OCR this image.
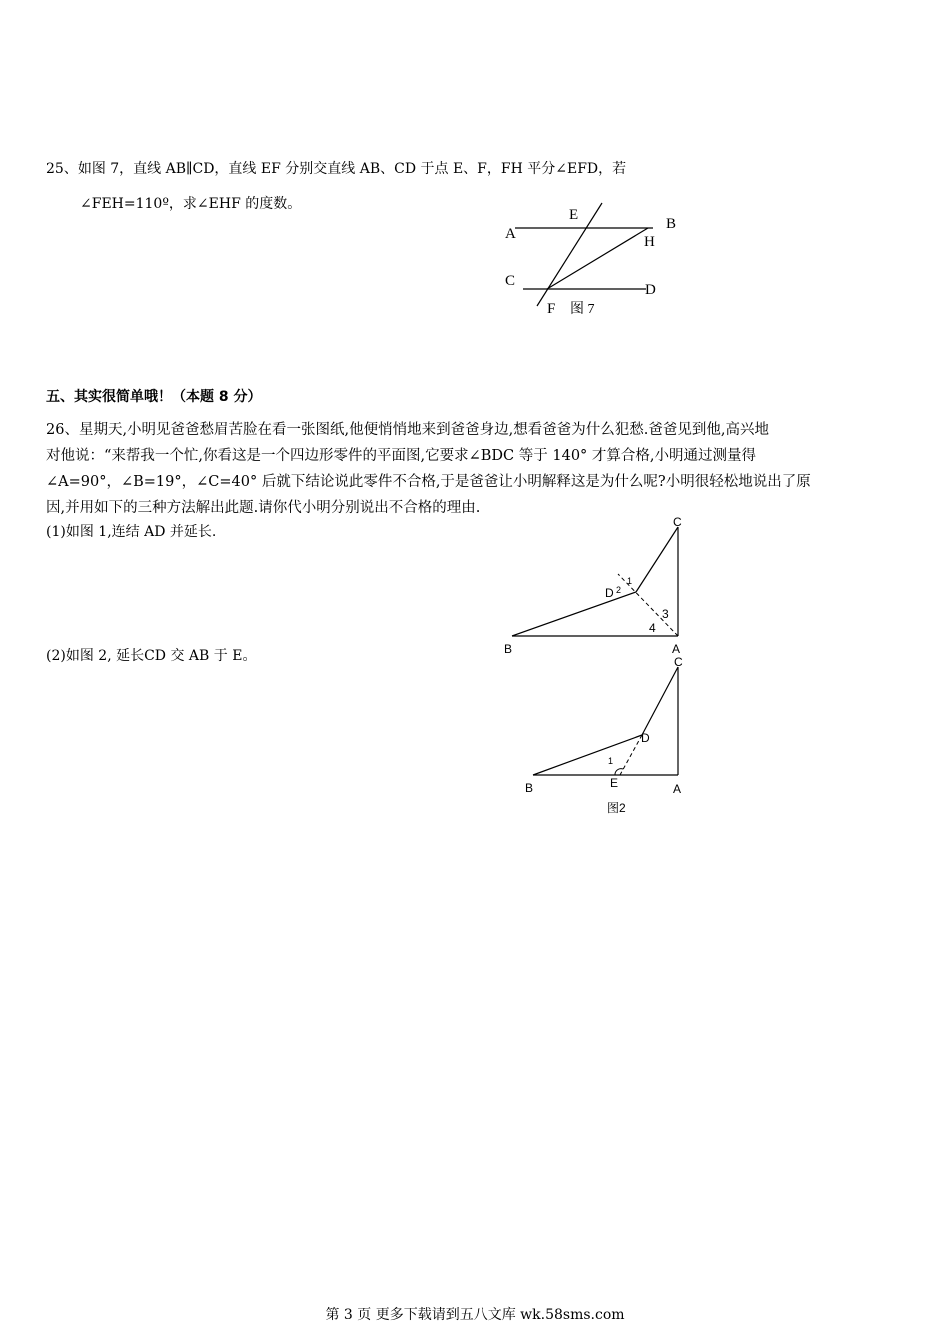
25、如图 7，直线 AB∥CD，直线 EF 分别交直线 AB、CD 于点 E、F，FH 平分∠EFD，若
∠FEH=110º，求∠EHF 的度数。
A
B
C
D
E
F
H
图 7
五、其实很简单哦！（本题 8 分）
26、星期天,小明见爸爸愁眉苦脸在看一张图纸,他便悄悄地来到爸爸身边,想看爸爸为什么犯愁.爸爸见到他,高兴地
对他说：“来帮我一个忙,你看这是一个四边形零件的平面图,它要求∠BDC 等于 140° 才算合格,小明通过测量得
∠A=90°，∠B=19°，∠C=40° 后就下结论说此零件不合格,于是爸爸让小明解释这是为什么呢?小明很轻松地说出了原
因,并用如下的三种方法解出此题.请你代小明分别说出不合格的理由.
(1)如图 1,连结 AD 并延长.
(2)如图 2, 延长CD 交 AB 于 E。	B	A
C
D
1
2
3
4
B	A
C
D
E
1
图2
第 3 页 更多下载请到五八文库 wk.58sms.com
